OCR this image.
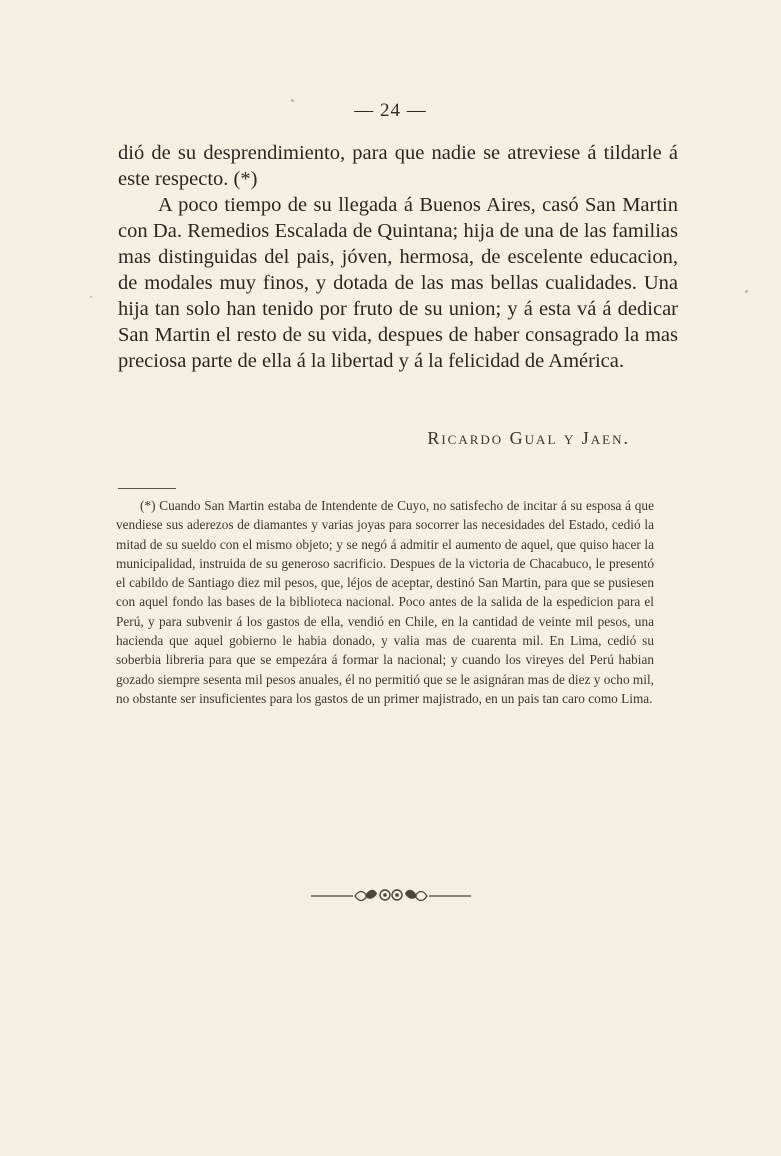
— 24 —

dió de su desprendimiento, para que nadie se atreviese á tildarle á este respecto. (*)

A poco tiempo de su llegada á Buenos Aires, casó San Martin con Da. Remedios Escalada de Quintana; hija de una de las familias mas distinguidas del pais, jóven, hermosa, de escelente educacion, de modales muy finos, y dotada de las mas bellas cualidades. Una hija tan solo han tenido por fruto de su union; y á esta vá á dedicar San Martin el resto de su vida, despues de haber consagrado la mas preciosa parte de ella á la libertad y á la felicidad de América.

Ricardo Gual y Jaen.

(*) Cuando San Martin estaba de Intendente de Cuyo, no satisfecho de incitar á su esposa á que vendiese sus aderezos de diamantes y varias joyas para socorrer las necesidades del Estado, cedió la mitad de su sueldo con el mismo objeto; y se negó á admitir el aumento de aquel, que quiso hacer la municipalidad, instruida de su generoso sacrificio. Despues de la victoria de Chacabuco, le presentó el cabildo de Santiago diez mil pesos, que, léjos de aceptar, destinó San Martin, para que se pusiesen con aquel fondo las bases de la biblioteca nacional. Poco antes de la salida de la espedicion para el Perú, y para subvenir á los gastos de ella, vendió en Chile, en la cantidad de veinte mil pesos, una hacienda que aquel gobierno le habia donado, y valia mas de cuarenta mil. En Lima, cedió su soberbia libreria para que se empezára á formar la nacional; y cuando los vireyes del Perú habian gozado siempre sesenta mil pesos anuales, él no permitió que se le asignáran mas de diez y ocho mil, no obstante ser insuficientes para los gastos de un primer majistrado, en un pais tan caro como Lima.
